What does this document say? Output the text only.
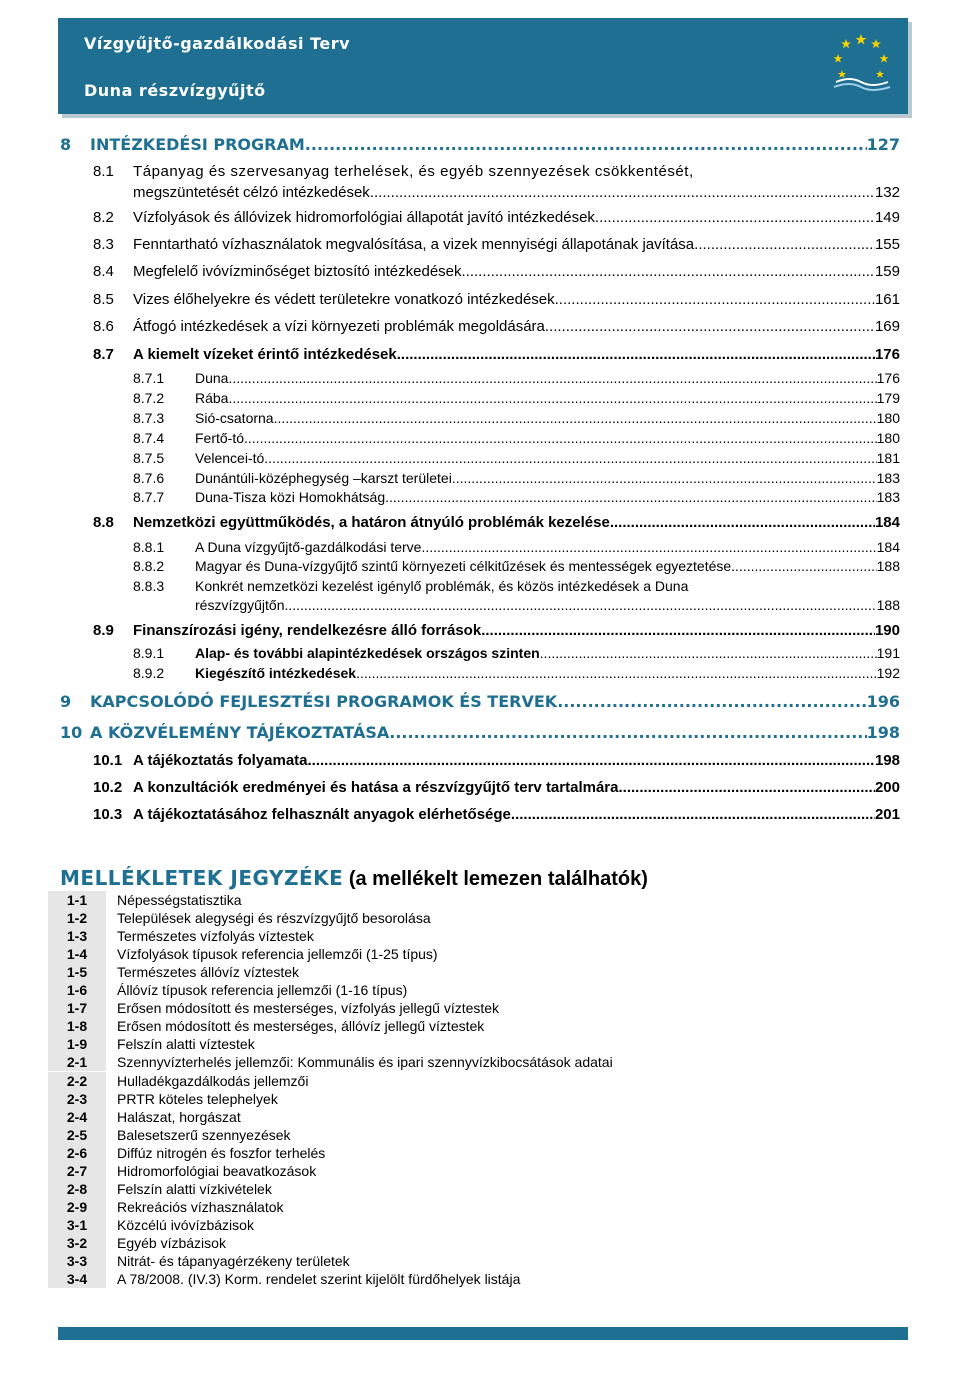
Vízgyűjtő-gazdálkodási Terv
Duna részvízgyűjtő
8	INTÉZKEDÉSI PROGRAM .....	127
8.1 Tápanyag és szervesanyag terhelések, és egyéb szennyezések csökkentését,
megszüntetését célzó intézkedések .....	132
8.2	Vízfolyások és állóvizek hidromorfológiai állapotát javító intézkedések .....	149
8.3	Fenntartható vízhasználatok megvalósítása, a vizek mennyiségi állapotának javítása .....	155
8.4	Megfelelő ivóvízminőséget biztosító intézkedések .....	159
8.5	Vizes élőhelyekre és védett területekre vonatkozó intézkedések .....	161
8.6	Átfogó intézkedések a vízi környezeti problémák megoldására .....	169
8.7	A kiemelt vízeket érintő intézkedések .....	176
8.7.1	Duna .....	176
8.7.2	Rába .....	179
8.7.3	Sió-csatorna .....	180
8.7.4	Fertő-tó .....	180
8.7.5	Velencei-tó .....	181
8.7.6	Dunántúli-középhegység –karszt területei .....	183
8.7.7	Duna-Tisza közi Homokhátság .....	183
8.8	Nemzetközi együttműködés, a határon átnyúló problémák kezelése .....	184
8.8.1	A Duna vízgyűjtő-gazdálkodási terve .....	184
8.8.2	Magyar és Duna-vízgyűjtő szintű környezeti célkitűzések és mentességek egyeztetése .....	188
8.8.3 Konkrét nemzetközi kezelést igénylő problémák, és közös intézkedések a Duna
részvízgyűjtőn .....	188
8.9	Finanszírozási igény, rendelkezésre álló források .....	190
8.9.1	Alap- és további alapintézkedések országos szinten .....	191
8.9.2	Kiegészítő intézkedések .....	192
9	KAPCSOLÓDÓ FEJLESZTÉSI PROGRAMOK ÉS TERVEK .....	196
10 A KÖZVÉLEMÉNY TÁJÉKOZTATÁSA .....	198
10.1 A tájékoztatás folyamata .....	198
10.2 A konzultációk eredményei és hatása a részvízgyűjtő terv tartalmára .....	200
10.3 A tájékoztatásához felhasznált anyagok elérhetősége .....	201
MELLÉKLETEK JEGYZÉKE (a mellékelt lemezen találhatók)
1-1	Népességstatisztika
1-2	Települések alegységi és részvízgyűjtő besorolása
1-3	Természetes vízfolyás víztestek
1-4	Vízfolyások típusok referencia jellemzői (1-25 típus)
1-5	Természetes állóvíz víztestek
1-6	Állóvíz típusok referencia jellemzői (1-16 típus)
1-7	Erősen módosított és mesterséges, vízfolyás jellegű víztestek
1-8	Erősen módosított és mesterséges, állóvíz jellegű víztestek
1-9	Felszín alatti víztestek
2-1	Szennyvízterhelés jellemzői: Kommunális és ipari szennyvízkibocsátások adatai
2-2	Hulladékgazdálkodás jellemzői
2-3	PRTR köteles telephelyek
2-4	Halászat, horgászat
2-5	Balesetszerű szennyezések
2-6	Diffúz nitrogén és foszfor terhelés
2-7	Hidromorfológiai beavatkozások
2-8	Felszín alatti vízkivételek
2-9	Rekreációs vízhasználatok
3-1	Közcélú ivóvízbázisok
3-2	Egyéb vízbázisok
3-3	Nitrát- és tápanyagérzékeny területek
3-4	A 78/2008. (IV.3) Korm. rendelet szerint kijelölt fürdőhelyek listája
